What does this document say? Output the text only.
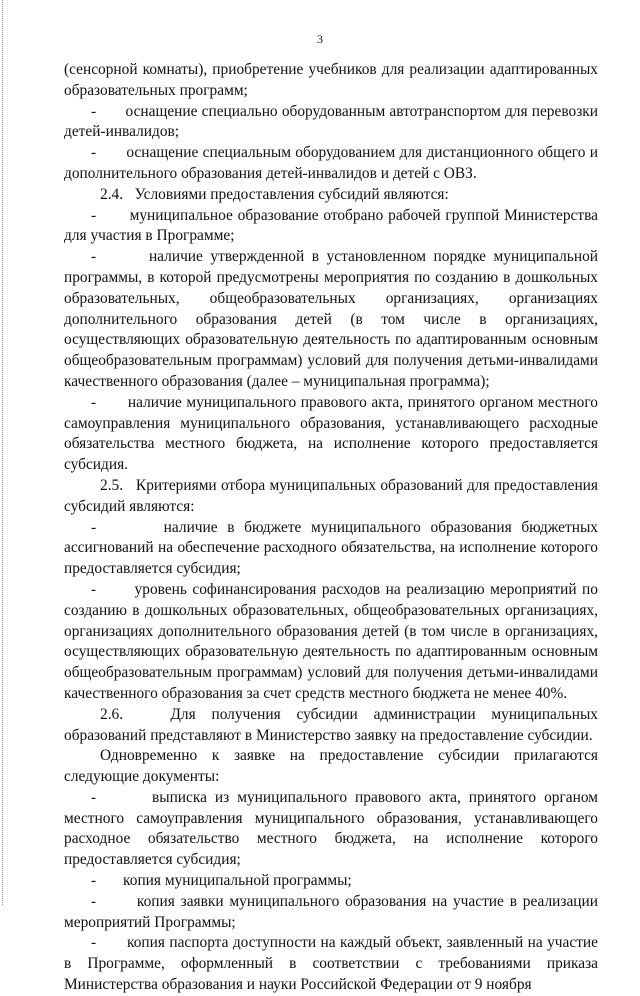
3

(сенсорной комнаты), приобретение учебников для реализации адаптированных образовательных программ;

-       оснащение специально оборудованным автотранспортом для перевозки детей-инвалидов;

-       оснащение специальным оборудованием для дистанционного общего и дополнительного образования детей-инвалидов и детей с ОВЗ.

2.4.   Условиями предоставления субсидий являются:

-       муниципальное образование отобрано рабочей группой Министерства для участия в Программе;

-       наличие утвержденной в установленном порядке муниципальной программы, в которой предусмотрены мероприятия по созданию в дошкольных образовательных, общеобразовательных организациях, организациях дополнительного образования детей (в том числе в организациях, осуществляющих образовательную деятельность по адаптированным основным общеобразовательным программам) условий для получения детьми-инвалидами качественного образования (далее – муниципальная программа);

-       наличие муниципального правового акта, принятого органом местного самоуправления муниципального образования, устанавливающего расходные обязательства местного бюджета, на исполнение которого предоставляется субсидия.

2.5.   Критериями отбора муниципальных образований для предоставления субсидий являются:

-       наличие в бюджете муниципального образования бюджетных ассигнований на обеспечение расходного обязательства, на исполнение которого предоставляется субсидия;

-       уровень софинансирования расходов на реализацию мероприятий по созданию в дошкольных образовательных, общеобразовательных организациях, организациях дополнительного образования детей (в том числе в организациях, осуществляющих образовательную деятельность по адаптированным основным общеобразовательным программам) условий для получения детьми-инвалидами качественного образования за счет средств местного бюджета не менее 40%.

2.6.   Для получения субсидии администрации муниципальных образований представляют в Министерство заявку на предоставление субсидии.

Одновременно к заявке на предоставление субсидии прилагаются следующие документы:

-       выписка из муниципального правового акта, принятого органом местного самоуправления муниципального образования, устанавливающего расходное обязательство местного бюджета, на исполнение которого предоставляется субсидия;

-       копия муниципальной программы;

-       копия заявки муниципального образования на участие в реализации мероприятий Программы;

-       копия паспорта доступности на каждый объект, заявленный на участие в Программе, оформленный в соответствии с требованиями приказа Министерства образования и науки Российской Федерации от 9 ноября
